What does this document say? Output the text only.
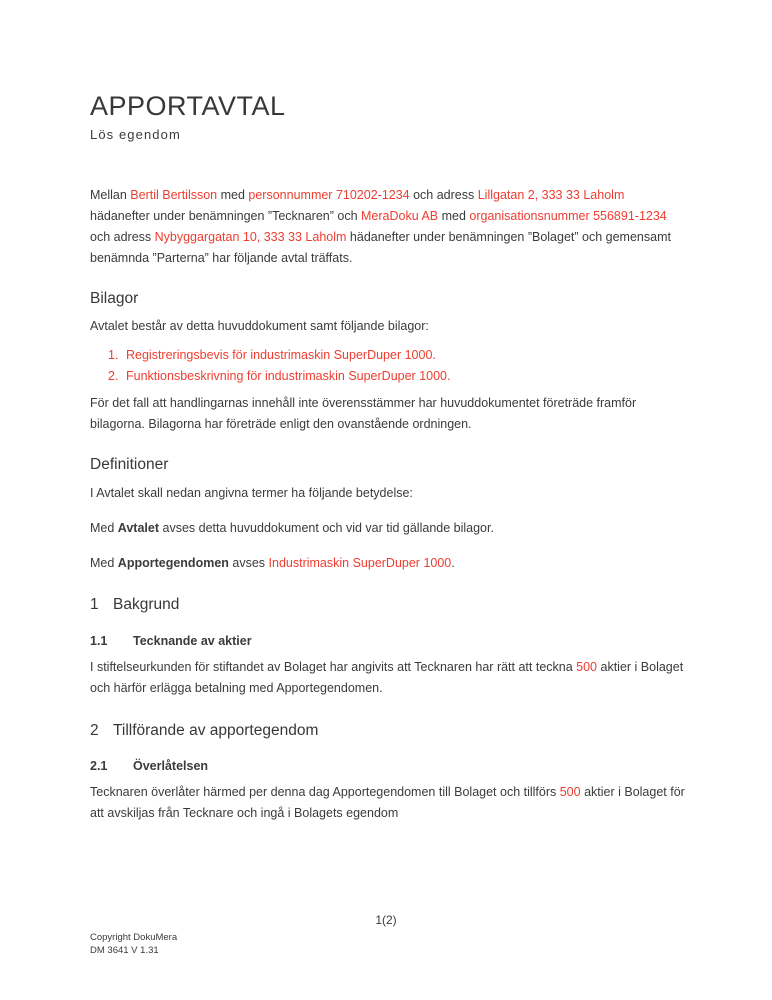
APPORTAVTAL
Lös egendom

Mellan Bertil Bertilsson med personnummer 710202-1234 och adress Lillgatan 2, 333 33 Laholm hädanefter under benämningen ”Tecknaren” och MeraDoku AB med organisationsnummer 556891-1234 och adress Nybyggargatan 10, 333 33 Laholm hädanefter under benämningen ”Bolaget” och gemensamt benämnda ”Parterna” har följande avtal träffats.

Bilagor

Avtalet består av detta huvuddokument samt följande bilagor:

1. Registreringsbevis för industrimaskin SuperDuper 1000.
2. Funktionsbeskrivning för industrimaskin SuperDuper 1000.

För det fall att handlingarnas innehåll inte överensstämmer har huvuddokumentet företräde framför bilagorna. Bilagorna har företräde enligt den ovanstående ordningen.

Definitioner

I Avtalet skall nedan angivna termer ha följande betydelse:

Med Avtalet avses detta huvuddokument och vid var tid gällande bilagor.

Med Apportegendomen avses Industrimaskin SuperDuper 1000.

1 Bakgrund
1.1	Tecknande av aktier

I stiftelseurkunden för stiftandet av Bolaget har angivits att Tecknaren har rätt att teckna 500 aktier i Bolaget och härför erlägga betalning med Apportegendomen.

2 Tillförande av apportegendom
2.1	Överlåtelsen

Tecknaren överlåter härmed per denna dag Apportegendomen till Bolaget och tillförs 500 aktier i Bolaget för att avskiljas från Tecknare och ingå i Bolagets egendom

1(2)
Copyright DokuMera
DM 3641 V 1.31
